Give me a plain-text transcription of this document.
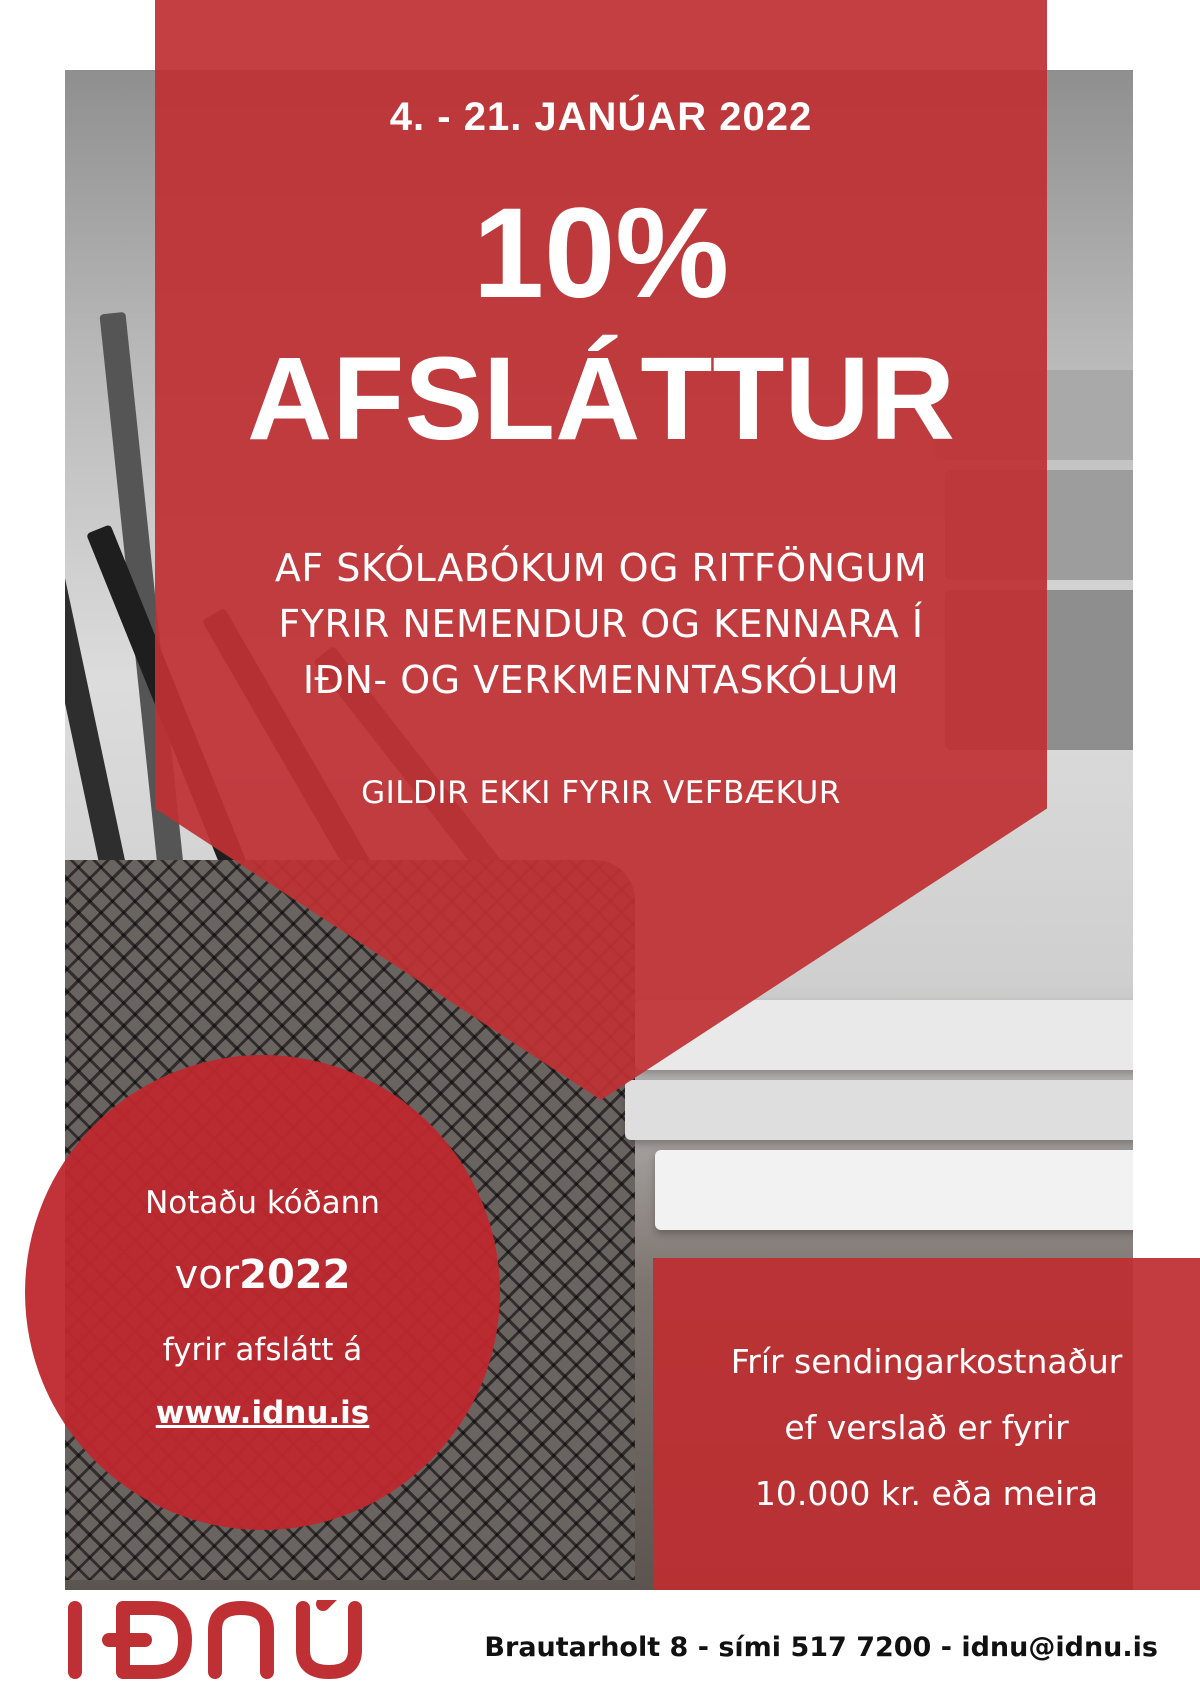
4. - 21. JANÚAR 2022

10%

AFSLÁTTUR

AF SKÓLABÓKUM OG RITFÖNGUM
FYRIR NEMENDUR OG KENNARA Í
IÐN- OG VERKMENNTASKÓLUM

GILDIR EKKI FYRIR VEFBÆKUR

Notaðu kóðann

vor2022

fyrir afslátt á

www.idnu.is

Frír sendingarkostnaður

ef verslað er fyrir

10.000 kr. eða meira

Brautarholt 8 - sími 517 7200 - idnu@idnu.is
